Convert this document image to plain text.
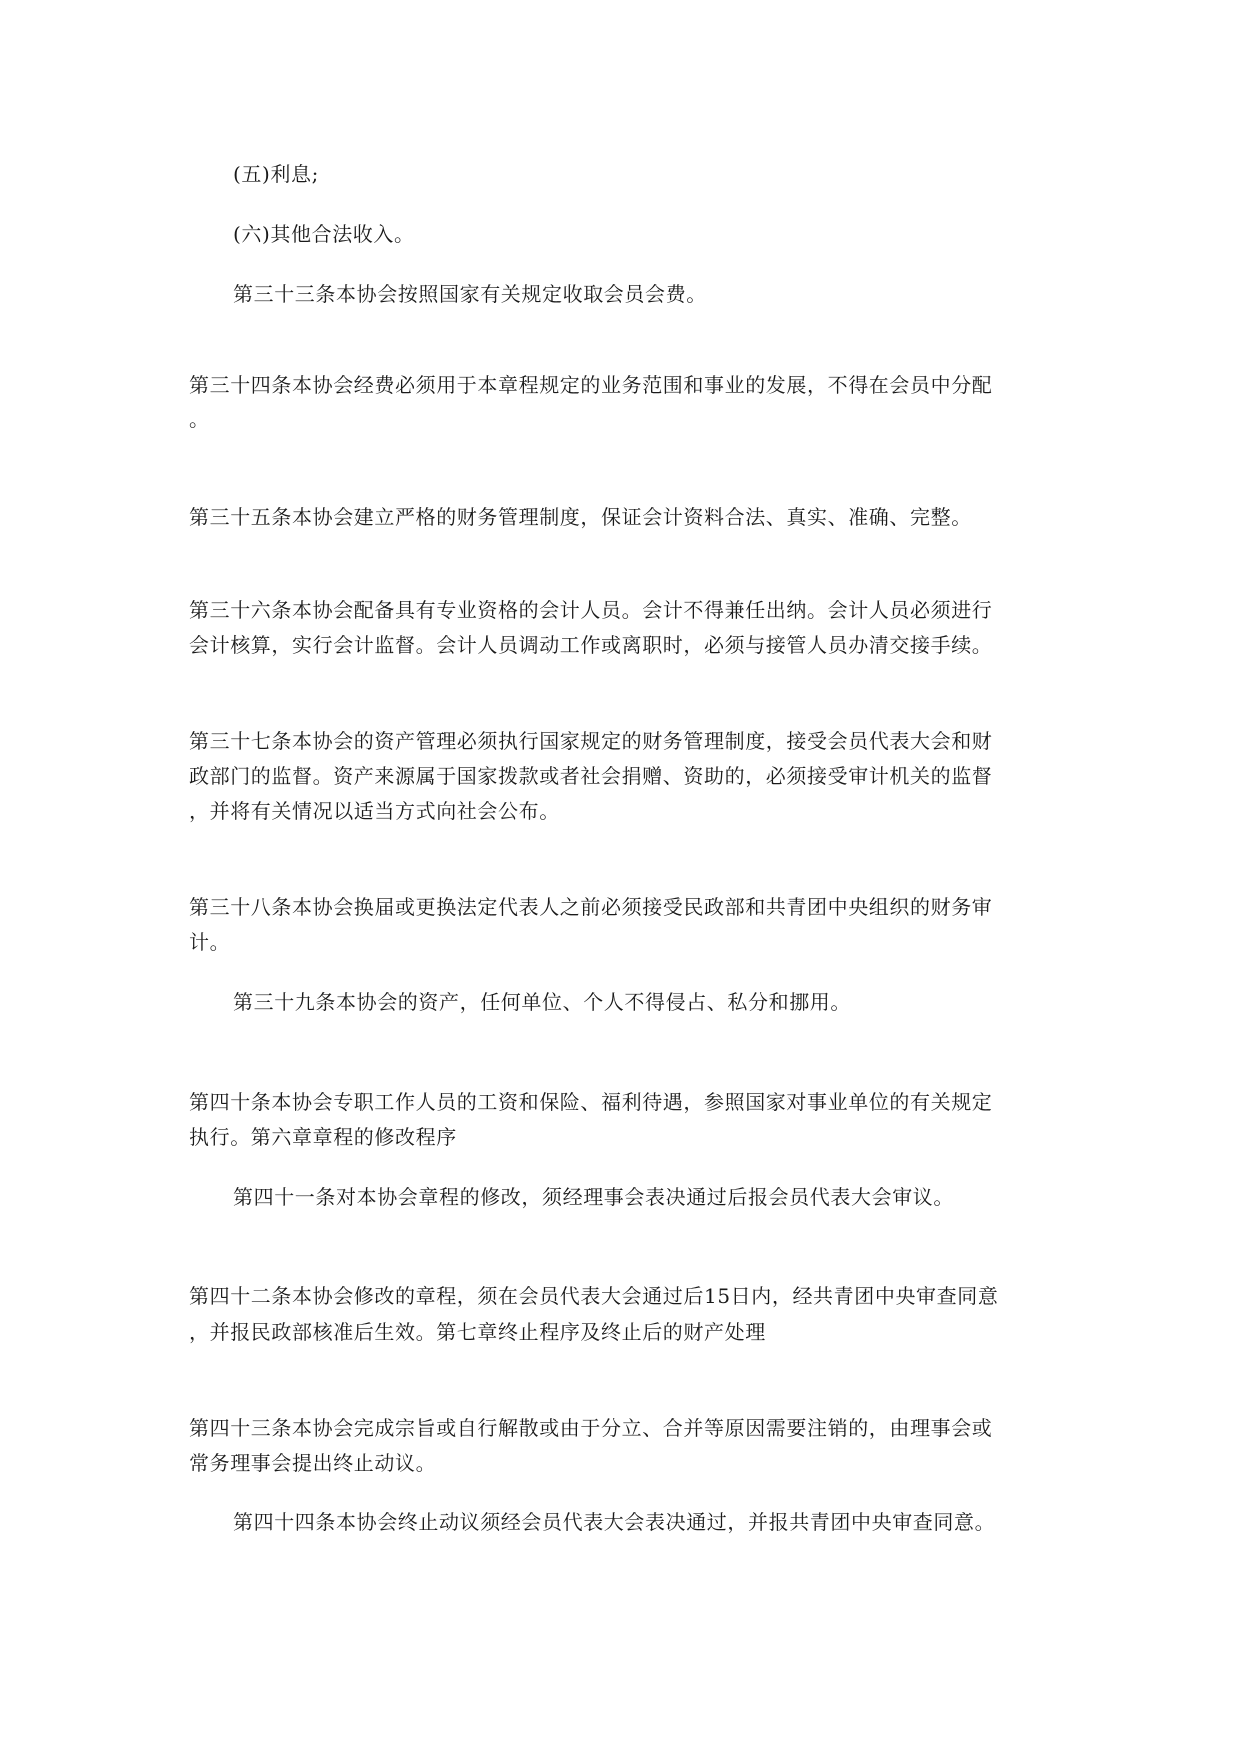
(五)利息;
(六)其他合法收入。
第三十三条本协会按照国家有关规定收取会员会费。
第三十四条本协会经费必须用于本章程规定的业务范围和事业的发展，不得在会员中分配
。
第三十五条本协会建立严格的财务管理制度，保证会计资料合法、真实、准确、完整。
第三十六条本协会配备具有专业资格的会计人员。会计不得兼任出纳。会计人员必须进行
会计核算，实行会计监督。会计人员调动工作或离职时，必须与接管人员办清交接手续。
第三十七条本协会的资产管理必须执行国家规定的财务管理制度，接受会员代表大会和财
政部门的监督。资产来源属于国家拨款或者社会捐赠、资助的，必须接受审计机关的监督
，并将有关情况以适当方式向社会公布。
第三十八条本协会换届或更换法定代表人之前必须接受民政部和共青团中央组织的财务审
计。
第三十九条本协会的资产，任何单位、个人不得侵占、私分和挪用。
第四十条本协会专职工作人员的工资和保险、福利待遇，参照国家对事业单位的有关规定
执行。第六章章程的修改程序
第四十一条对本协会章程的修改，须经理事会表决通过后报会员代表大会审议。
第四十二条本协会修改的章程，须在会员代表大会通过后15日内，经共青团中央审查同意
，并报民政部核准后生效。第七章终止程序及终止后的财产处理
第四十三条本协会完成宗旨或自行解散或由于分立、合并等原因需要注销的，由理事会或
常务理事会提出终止动议。
第四十四条本协会终止动议须经会员代表大会表决通过，并报共青团中央审查同意。
